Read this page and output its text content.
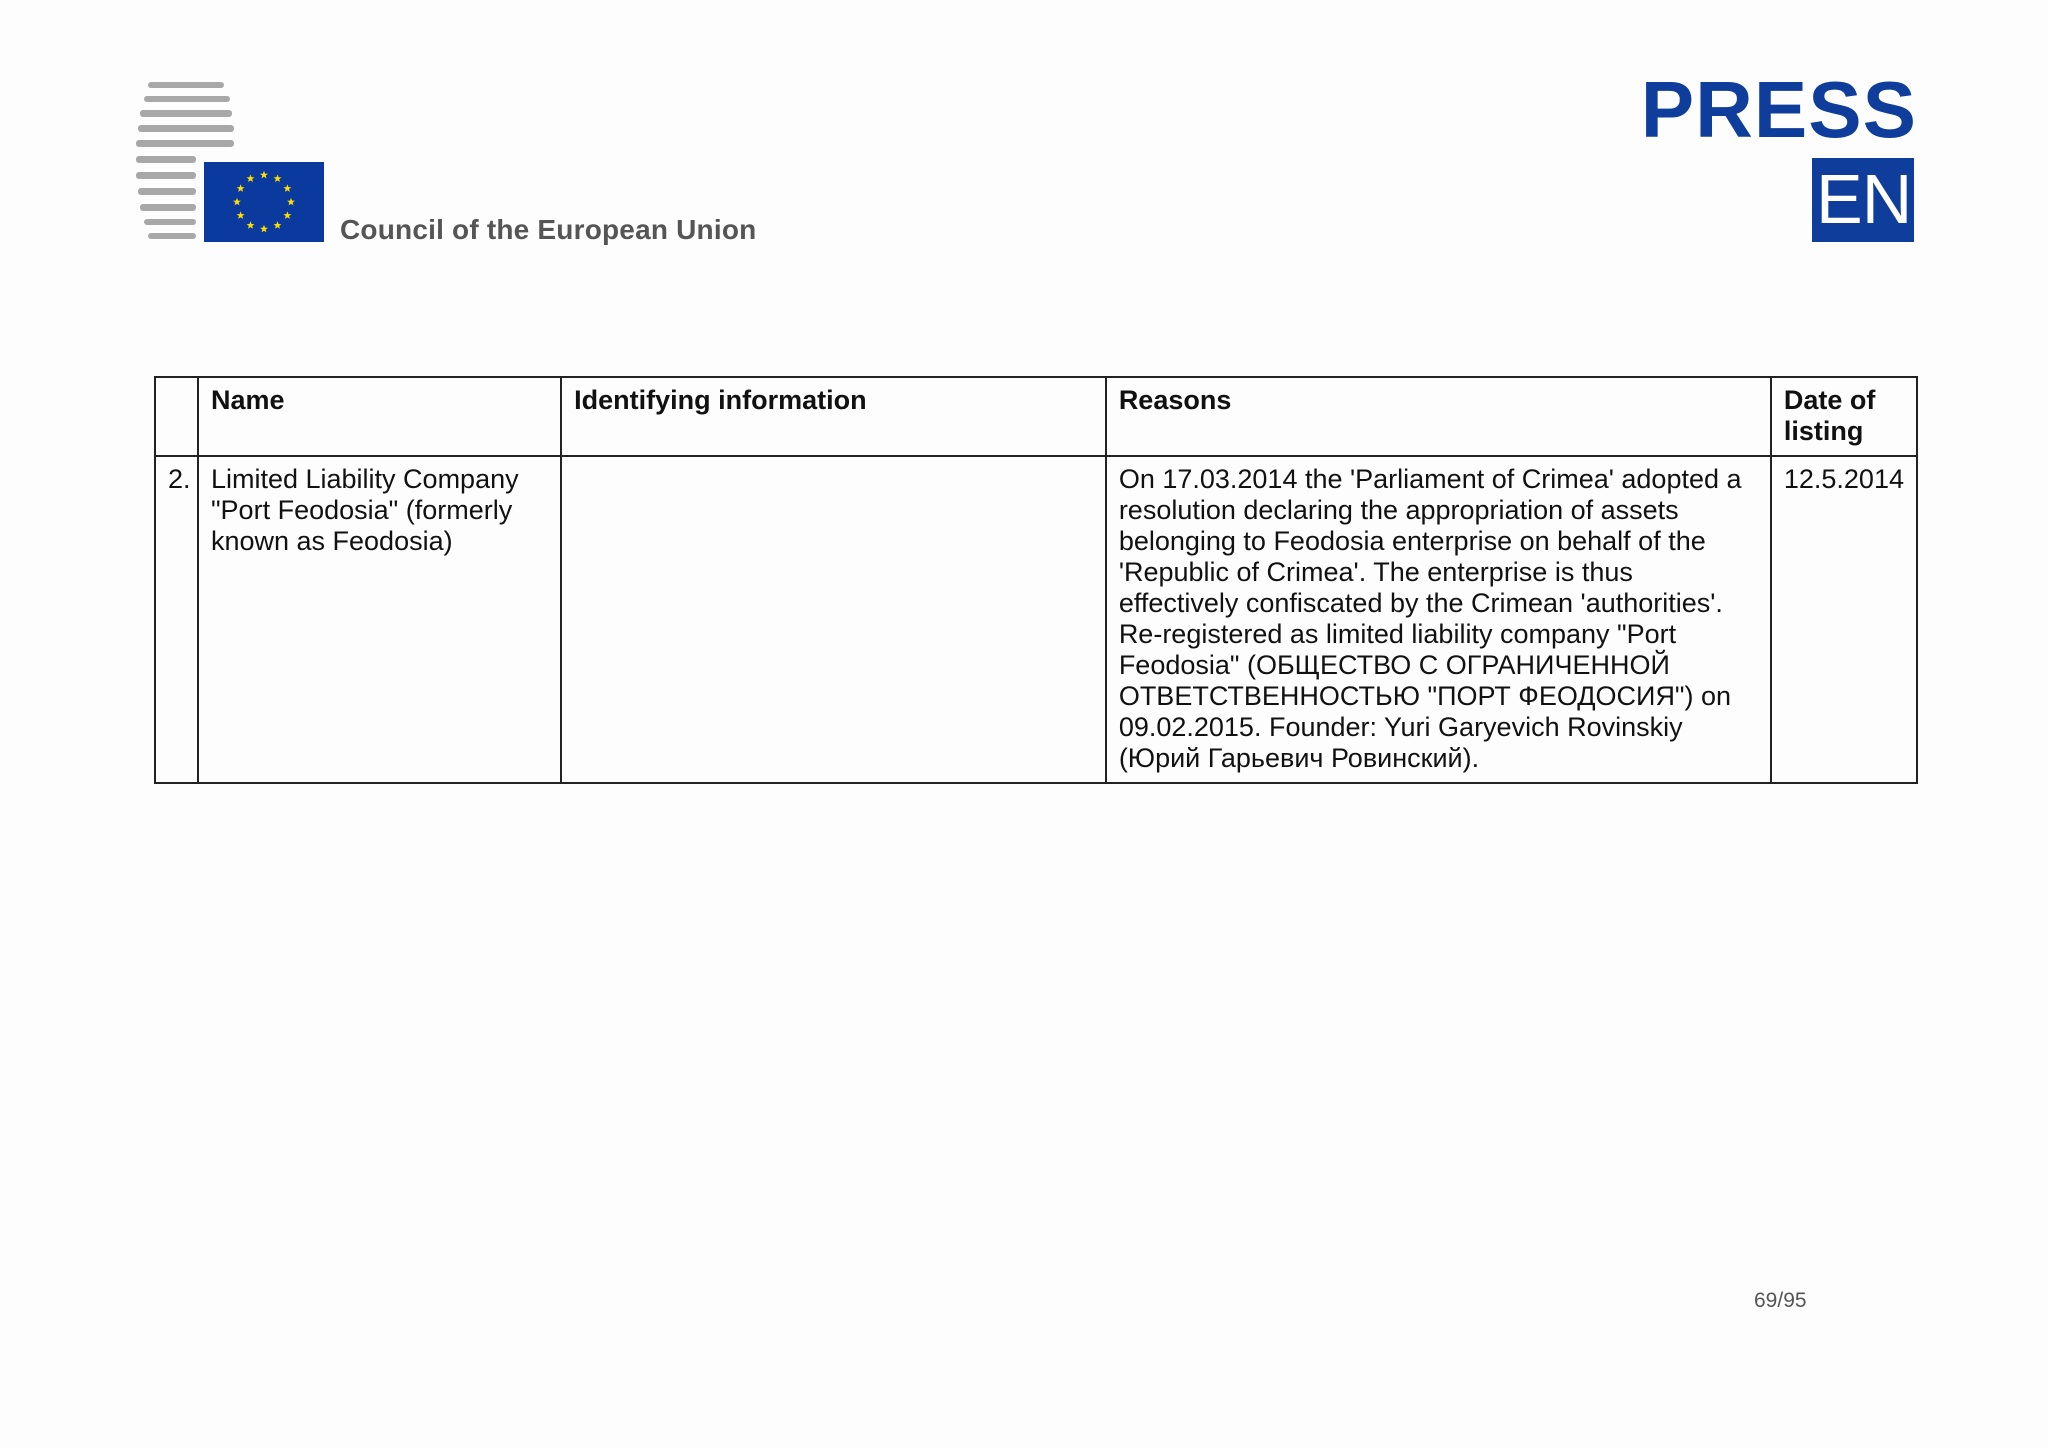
Council of the European Union
PRESS
EN
	Name	Identifying information	Reasons	Date of listing
2.	Limited Liability Company "Port Feodosia" (formerly known as Feodosia)		On 17.03.2014 the 'Parliament of Crimea' adopted a resolution declaring the appropriation of assets belonging to Feodosia enterprise on behalf of the 'Republic of Crimea'. The enterprise is thus effectively confiscated by the Crimean 'authorities'. Re-registered as limited liability company "Port Feodosia" (ОБЩЕСТВО С ОГРАНИЧЕННОЙ ОТВЕТСТВЕННОСТЬЮ "ПОРТ ФЕОДОСИЯ") on 09.02.2015. Founder: Yuri Garyevich Rovinskiy (Юрий Гарьевич Ровинский).	12.5.2014
69/95
